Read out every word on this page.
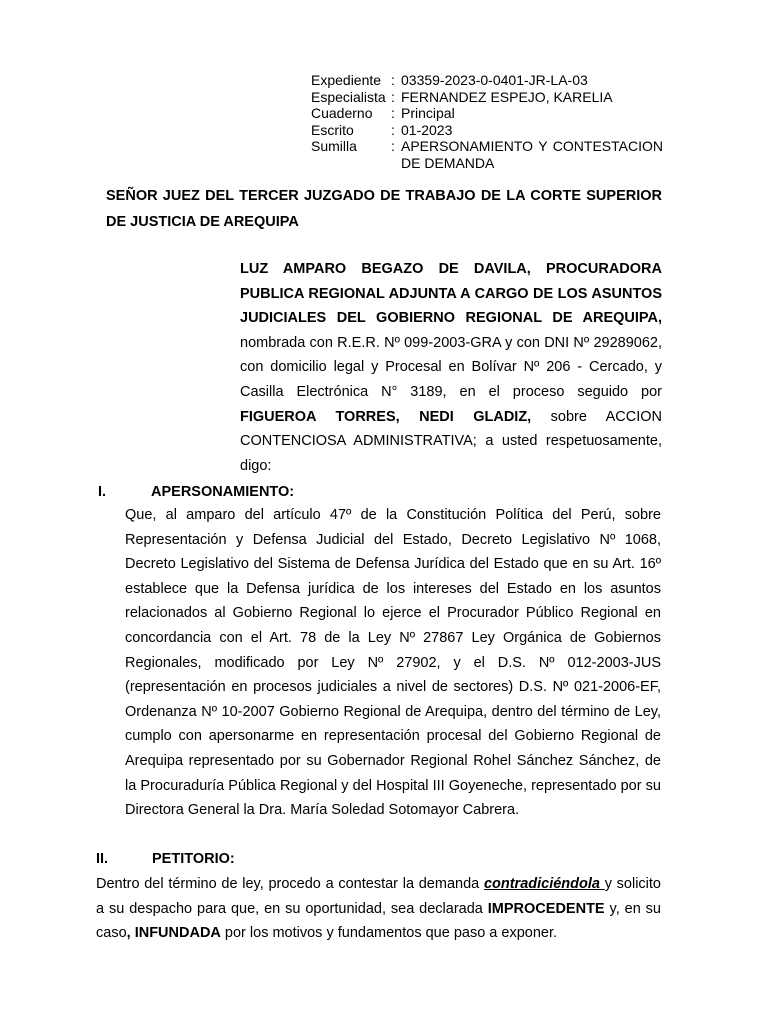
Expediente : 03359-2023-0-0401-JR-LA-03
Especialista : FERNANDEZ ESPEJO, KARELIA
Cuaderno	: Principal
Escrito	: 01-2023
Sumilla	: APERSONAMIENTO Y CONTESTACION DE DEMANDA
SEÑOR JUEZ DEL TERCER JUZGADO DE TRABAJO DE LA CORTE SUPERIOR DE JUSTICIA DE AREQUIPA
LUZ AMPARO BEGAZO DE DAVILA, PROCURADORA PUBLICA REGIONAL ADJUNTA A CARGO DE LOS ASUNTOS JUDICIALES DEL GOBIERNO REGIONAL DE AREQUIPA, nombrada con R.E.R. Nº 099-2003-GRA y con DNI Nº 29289062, con domicilio legal y Procesal en Bolívar Nº 206 - Cercado, y Casilla Electrónica N° 3189, en el proceso seguido por FIGUEROA TORRES, NEDI GLADIZ, sobre ACCION CONTENCIOSA ADMINISTRATIVA; a usted respetuosamente, digo:
I.	APERSONAMIENTO:
Que, al amparo del artículo 47º de la Constitución Política del Perú, sobre Representación y Defensa Judicial del Estado, Decreto Legislativo Nº 1068, Decreto Legislativo del Sistema de Defensa Jurídica del Estado que en su Art. 16º establece que la Defensa jurídica de los intereses del Estado en los asuntos relacionados al Gobierno Regional lo ejerce el Procurador Público Regional en concordancia con el Art. 78 de la Ley Nº 27867 Ley Orgánica de Gobiernos Regionales, modificado por Ley Nº 27902, y el D.S. Nº 012-2003-JUS (representación en procesos judiciales a nivel de sectores) D.S. Nº 021-2006-EF, Ordenanza Nº 10-2007 Gobierno Regional de Arequipa, dentro del término de Ley, cumplo con apersonarme en representación procesal del Gobierno Regional de Arequipa representado por su Gobernador Regional Rohel Sánchez Sánchez, de la Procuraduría Pública Regional y del Hospital III Goyeneche, representado por su Directora General la Dra. María Soledad Sotomayor Cabrera.
II.	PETITORIO:
Dentro del término de ley, procedo a contestar la demanda contradiciéndola y solicito a su despacho para que, en su oportunidad, sea declarada IMPROCEDENTE y, en su caso, INFUNDADA por los motivos y fundamentos que paso a exponer.
